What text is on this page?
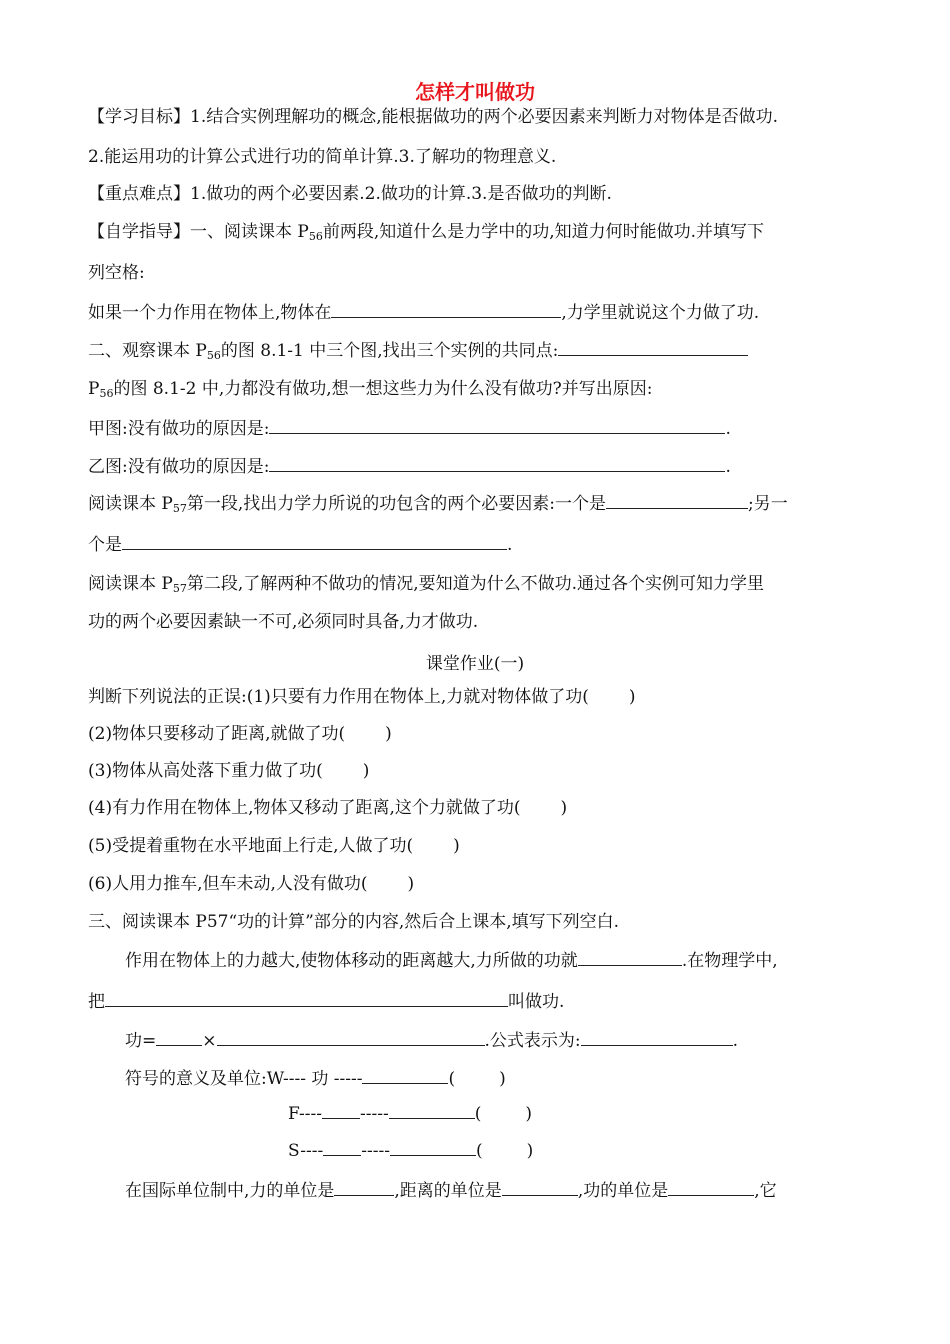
怎样才叫做功
【学习目标】1.结合实例理解功的概念,能根据做功的两个必要因素来判断力对物体是否做功.
2.能运用功的计算公式进行功的简单计算.3.了解功的物理意义.
【重点难点】1.做功的两个必要因素.2.做功的计算.3.是否做功的判断.
【自学指导】一、阅读课本 $P_{56}$前两段,知道什么是力学中的功,知道力何时能做功.并填写下
列空格:
如果一个力作用在物体上,物体在	,力学里就说这个力做了功.
二、观察课本 $P_{56}$的图 8.1-1 中三个图,找出三个实例的共同点:
$P_{56}$的图 8.1-2 中,力都没有做功,想一想这些力为什么没有做功?并写出原因:
甲图:没有做功的原因是:	.
乙图:没有做功的原因是:	.
阅读课本 $P_{57}$第一段,找出力学力所说的功包含的两个必要因素:一个是	;另一
个是	.
阅读课本 $P_{57}$第二段,了解两种不做功的情况,要知道为什么不做功.通过各个实例可知力学里
功的两个必要因素缺一不可,必须同时具备,力才做功.
课堂作业(一)
判断下列说法的正误:(1)只要有力作用在物体上,力就对物体做了功( )
(2)物体只要移动了距离,就做了功( )
(3)物体从高处落下重力做了功( )
(4)有力作用在物体上,物体又移动了距离,这个力就做了功( )
(5)受提着重物在水平地面上行走,人做了功( )
(6)人用力推车,但车未动,人没有做功( )
三、阅读课本 P57“功的计算”部分的内容,然后合上课本,填写下列空白.
作用在物体上的力越大,使物体移动的距离越大,力所做的功就	.在物理学中,
把	叫做功.
功=	×	.公式表示为:	.
符号的意义及单位:W---- 功 -----	(	)
F---- -----	(	)
S---- -----	(	)
在国际单位制中,力的单位是	,距离的单位是	,功的单位是	,它
